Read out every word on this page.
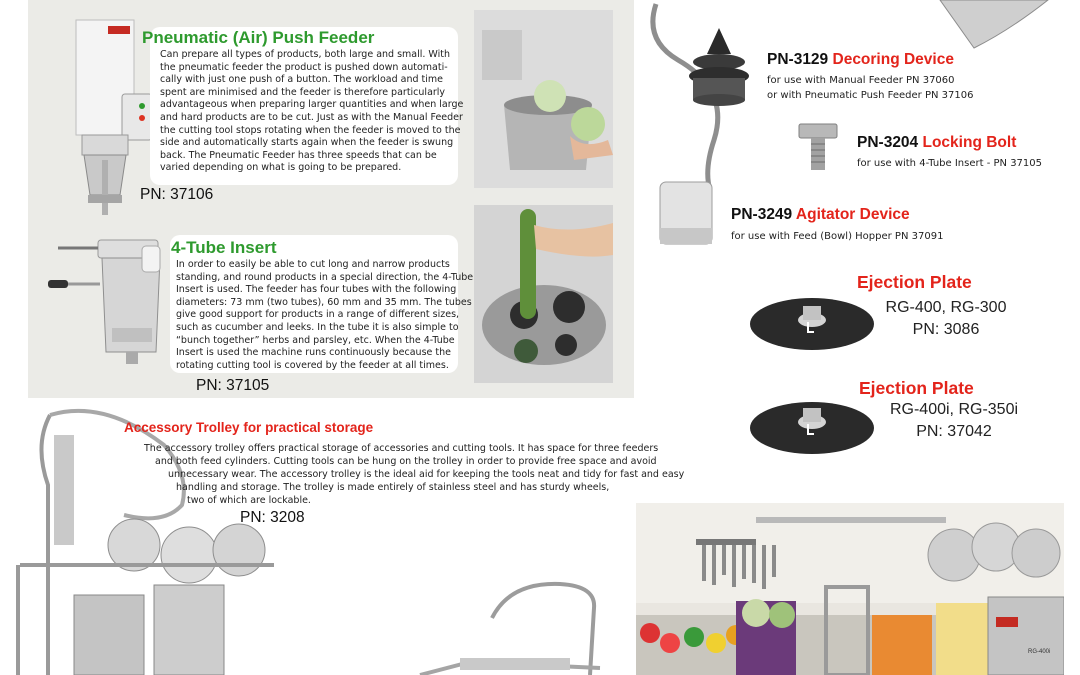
Pneumatic (Air) Push Feeder
Can prepare all types of products, both large and small. With
the pneumatic feeder the product is pushed down automati-
cally with just one push of a button. The workload and time
spent are minimised and the feeder is therefore particularly
advantageous when preparing larger quantities and when large
and hard products are to be cut. Just as with the Manual Feeder
the cutting tool stops rotating when the feeder is moved to the
side and automatically starts again when the feeder is swung
back. The Pneumatic Feeder has three speeds that can be
varied depending on what is going to be prepared.
PN: 37106
4-Tube Insert
In order to easily be able to cut long and narrow products
standing, and round products in a special direction, the 4-Tube
Insert is used. The feeder has four tubes with the following
diameters: 73 mm (two tubes), 60 mm and 35 mm. The tubes
give good support for products in a range of different sizes,
such as cucumber and leeks. In the tube it is also simple to
“bunch together” herbs and parsley, etc. When the 4-Tube
Insert is used the machine runs continuously because the
rotating cutting tool is covered by the feeder at all times.
PN: 37105
PN-3129 Decoring Device
for use with Manual Feeder PN 37060
or with Pneumatic Push Feeder PN 37106
PN-3204 Locking Bolt
for use with 4-Tube Insert - PN 37105
PN-3249 Agitator Device
for use with Feed (Bowl) Hopper PN 37091
Ejection Plate
RG-400, RG-300
PN: 3086
Ejection Plate
RG-400i, RG-350i
PN: 37042
Accessory Trolley for practical storage
The accessory trolley offers practical storage of accessories and cutting tools. It has space for three feeders
and both feed cylinders. Cutting tools can be hung on the trolley in order to provide free space and avoid
unnecessary wear. The accessory trolley is the ideal aid for keeping the tools neat and tidy for fast and easy
handling and storage. The trolley is made entirely of stainless steel and has sturdy wheels,
two of which are lockable.
PN: 3208
RG-400i
